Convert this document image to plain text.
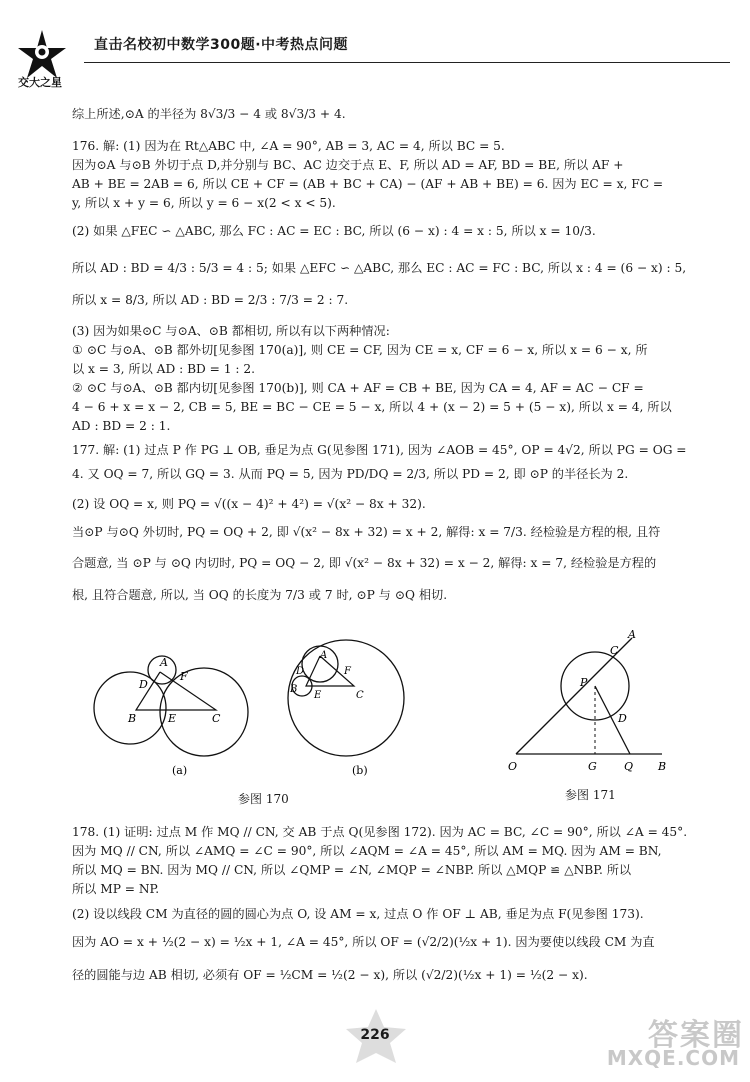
交大之星
直击名校初中数学300题·中考热点问题
综上所述,⊙A 的半径为 8√3/3 − 4 或 8√3/3 + 4.
176. 解: (1) 因为在 Rt△ABC 中, ∠A = 90°, AB = 3, AC = 4, 所以 BC = 5.
因为⊙A 与⊙B 外切于点 D,并分别与 BC、AC 边交于点 E、F, 所以 AD = AF, BD = BE, 所以 AF +
AB + BE = 2AB = 6, 所以 CE + CF = (AB + BC + CA) − (AF + AB + BE) = 6. 因为 EC = x, FC =
y, 所以 x + y = 6, 所以 y = 6 − x(2 < x < 5).
(2) 如果 △FEC ∽ △ABC, 那么 FC : AC = EC : BC, 所以 (6 − x) : 4 = x : 5, 所以 x = 10/3.
所以 AD : BD = 4/3 : 5/3 = 4 : 5; 如果 △EFC ∽ △ABC, 那么 EC : AC = FC : BC, 所以 x : 4 = (6 − x) : 5,
所以 x = 8/3, 所以 AD : BD = 2/3 : 7/3 = 2 : 7.
(3) 因为如果⊙C 与⊙A、⊙B 都相切, 所以有以下两种情况:
① ⊙C 与⊙A、⊙B 都外切[见参图 170(a)], 则 CE = CF, 因为 CE = x, CF = 6 − x, 所以 x = 6 − x, 所
以 x = 3, 所以 AD : BD = 1 : 2.
② ⊙C 与⊙A、⊙B 都内切[见参图 170(b)], 则 CA + AF = CB + BE, 因为 CA = 4, AF = AC − CF =
4 − 6 + x = x − 2, CB = 5, BE = BC − CE = 5 − x, 所以 4 + (x − 2) = 5 + (5 − x), 所以 x = 4, 所以
AD : BD = 2 : 1.
177. 解: (1) 过点 P 作 PG ⊥ OB, 垂足为点 G(见参图 171), 因为 ∠AOB = 45°, OP = 4√2, 所以 PG = OG =
4. 又 OQ = 7, 所以 GQ = 3. 从而 PQ = 5, 因为 PD/DQ = 2/3, 所以 PD = 2, 即 ⊙P 的半径长为 2.
(2) 设 OQ = x, 则 PQ = √((x − 4)² + 4²) = √(x² − 8x + 32).
当⊙P 与⊙Q 外切时, PQ = OQ + 2, 即 √(x² − 8x + 32) = x + 2, 解得: x = 7/3. 经检验是方程的根, 且符
合题意, 当 ⊙P 与 ⊙Q 内切时, PQ = OQ − 2, 即 √(x² − 8x + 32) = x − 2, 解得: x = 7, 经检验是方程的
根, 且符合题意, 所以, 当 OQ 的长度为 7/3 或 7 时, ⊙P 与 ⊙Q 相切.
A
D
F
B	E	C
(a)
A
D	F
B
E	C
(b)
参图 170
A
C
P
D
O	G Q B
参图 171
178. (1) 证明: 过点 M 作 MQ // CN, 交 AB 于点 Q(见参图 172). 因为 AC = BC, ∠C = 90°, 所以 ∠A = 45°.
因为 MQ // CN, 所以 ∠AMQ = ∠C = 90°, 所以 ∠AQM = ∠A = 45°, 所以 AM = MQ. 因为 AM = BN,
所以 MQ = BN. 因为 MQ // CN, 所以 ∠QMP = ∠N, ∠MQP = ∠NBP. 所以 △MQP ≌ △NBP. 所以
所以 MP = NP.
(2) 设以线段 CM 为直径的圆的圆心为点 O, 设 AM = x, 过点 O 作 OF ⊥ AB, 垂足为点 F(见参图 173).
因为 AO = x + ½(2 − x) = ½x + 1, ∠A = 45°, 所以 OF = (√2/2)(½x + 1). 因为要使以线段 CM 为直
径的圆能与边 AB 相切, 必须有 OF = ½CM = ½(2 − x), 所以 (√2/2)(½x + 1) = ½(2 − x).
226	答案圈
MXQE.COM
